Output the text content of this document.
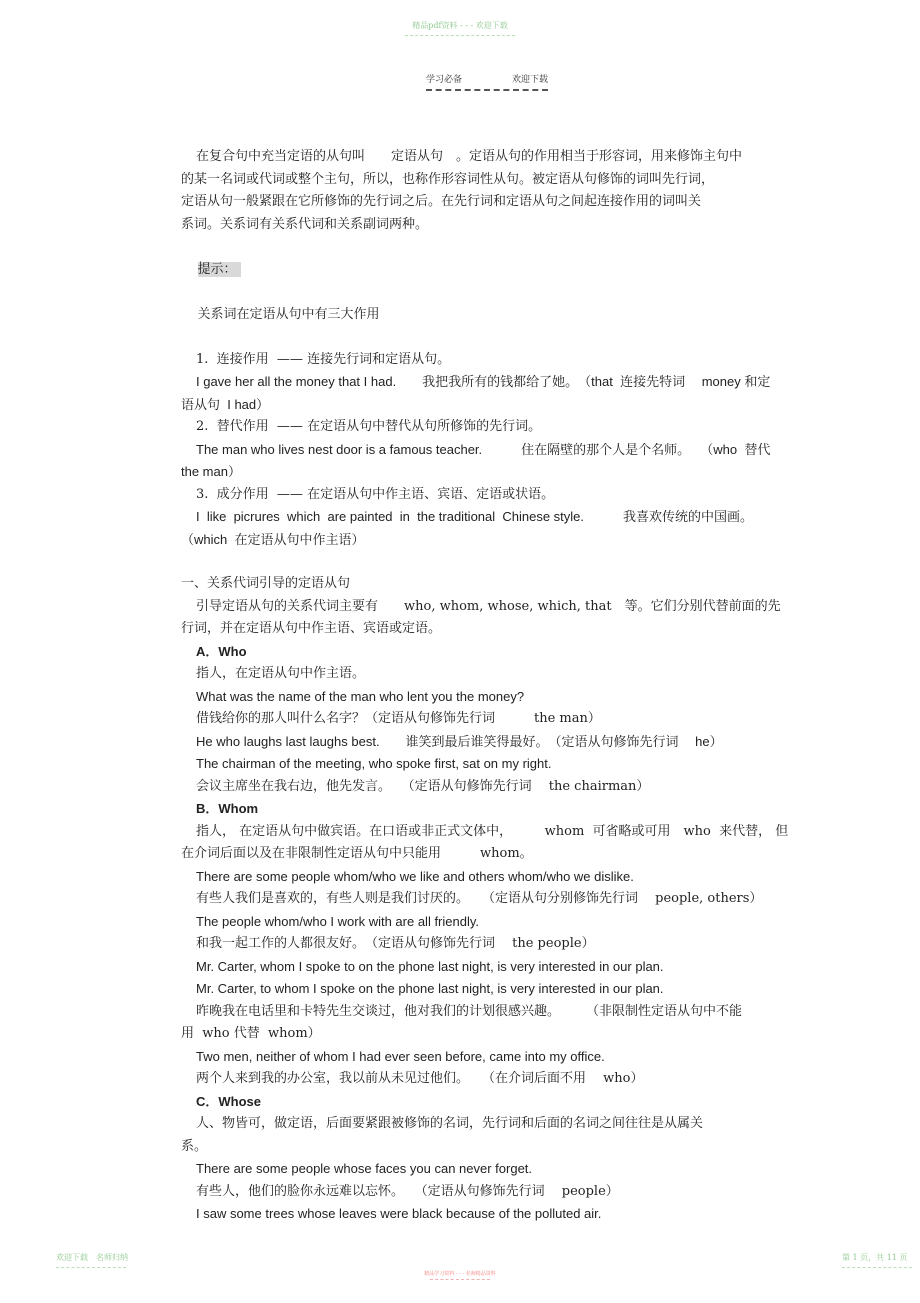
精品pdf资料 - - - 欢迎下载
学习必备	欢迎下载
在复合句中充当定语的从句叫　　定语从句　。定语从句的作用相当于形容词，用来修饰主句中
的某一名词或代词或整个主句，所以，也称作形容词性从句。被定语从句修饰的词叫先行词，
定语从句一般紧跟在它所修饰的先行词之后。在先行词和定语从句之间起连接作用的词叫关
系词。关系词有关系代词和关系副词两种。

提示：

关系词在定语从句中有三大作用

1.  连接作用  —— 连接先行词和定语从句。
I gave her all the money that I had.　　我把我所有的钱都给了她。　（that  连接先特词　 money 和定
语从句  I had）
2.  替代作用  —— 在定语从句中替代从句所修饰的先行词。
The man who lives nest door is a famous teacher.　　　住在隔壁的那个人是个名师。　 （who  替代
the man）
3.  成分作用  —— 在定语从句中作主语、宾语、定语或状语。
I  like  picrures  which  are painted  in  the traditional  Chinese style.　　　我喜欢传统的中国画。
（which  在定语从句中作主语）
一、关系代词引导的定语从句
引导定语从句的关系代词主要有　　who, whom, whose, which, that　等。它们分别代替前面的先
行词，并在定语从句中作主语、宾语或定语。
A．Who
指人，在定语从句中作主语。
What was the name of the man who lent you the money?
借钱给你的那人叫什么名字？（定语从句修饰先行词　　　the man）
He who laughs last laughs best.　　谁笑到最后谁笑得最好。　（定语从句修饰先行词　 he）
The chairman of the meeting, who spoke first, sat on my right.
会议主席坐在我右边，他先发言。　 （定语从句修饰先行词　 the chairman）
B．Whom
指人， 在定语从句中做宾语。在口语或非正式文体中，　　　whom  可省略或可用　who  来代替， 但
在介词后面以及在非限制性定语从句中只能用　　　whom。
There are some people whom/who we like and others whom/who we dislike.
有些人我们是喜欢的，有些人则是我们讨厌的。　　（定语从句分别修饰先行词　 people, others）
The people whom/who I work with are all friendly.
和我一起工作的人都很友好。　（定语从句修饰先行词　 the people）
Mr. Carter, whom I spoke to on the phone last night, is very interested in our plan.
Mr. Carter, to whom I spoke on the phone last night, is very interested in our plan.
昨晚我在电话里和卡特先生交谈过，他对我们的计划很感兴趣。　　　（非限制性定语从句中不能
用  who 代替  whom）
Two men, neither of whom I had ever seen before, came into my office.
两个人来到我的办公室，我以前从未见过他们。　　（在介词后面不用　 who）
C．Whose
人、物皆可，做定语，后面要紧跟被修饰的名词，先行词和后面的名词之间往往是从属关
系。
There are some people whose faces you can never forget.
有些人，他们的脸你永远难以忘怀。　 （定语从句修饰先行词　 people）
I saw some trees whose leaves were black because of the polluted air.
欢迎下载　名师归纳	第 1 页，共 11 页
精品学习资料 - - - 名师精品资料
